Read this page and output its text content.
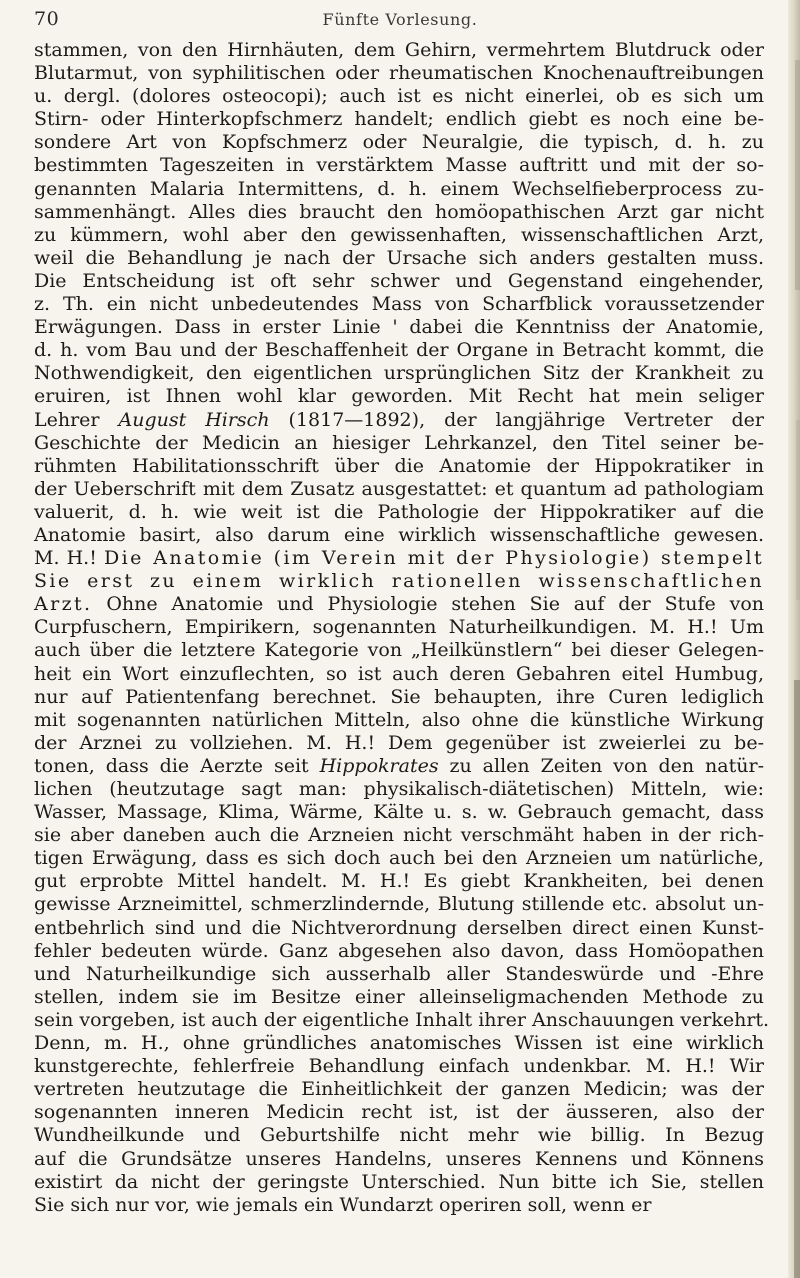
70	Fünfte Vorlesung.
stammen, von den Hirnhäuten, dem Gehirn, vermehrtem Blutdruck oder
Blutarmut, von syphilitischen oder rheumatischen Knochenauftreibungen
u. dergl. (dolores osteocopi); auch ist es nicht einerlei, ob es sich um
Stirn- oder Hinterkopfschmerz handelt; endlich giebt es noch eine be-
sondere Art von Kopfschmerz oder Neuralgie, die typisch, d. h. zu
bestimmten Tageszeiten in verstärktem Masse auftritt und mit der so-
genannten Malaria Intermittens, d. h. einem Wechselfieberprocess zu-
sammenhängt. Alles dies braucht den homöopathischen Arzt gar nicht
zu kümmern, wohl aber den gewissenhaften, wissenschaftlichen Arzt,
weil die Behandlung je nach der Ursache sich anders gestalten muss.
Die Entscheidung ist oft sehr schwer und Gegenstand eingehender,
z. Th. ein nicht unbedeutendes Mass von Scharfblick voraussetzender
Erwägungen. Dass in erster Linie ' dabei die Kenntniss der Anatomie,
d. h. vom Bau und der Beschaffenheit der Organe in Betracht kommt, die
Nothwendigkeit, den eigentlichen ursprünglichen Sitz der Krankheit zu
eruiren, ist Ihnen wohl klar geworden. Mit Recht hat mein seliger
Lehrer August Hirsch (1817—1892), der langjährige Vertreter der
Geschichte der Medicin an hiesiger Lehrkanzel, den Titel seiner be-
rühmten Habilitationsschrift über die Anatomie der Hippokratiker in
der Ueberschrift mit dem Zusatz ausgestattet: et quantum ad pathologiam
valuerit, d. h. wie weit ist die Pathologie der Hippokratiker auf die
Anatomie basirt, also darum eine wirklich wissenschaftliche gewesen.
M. H.! Die Anatomie (im Verein mit der Physiologie) stempelt
Sie erst zu einem wirklich rationellen wissenschaftlichen
Arzt. Ohne Anatomie und Physiologie stehen Sie auf der Stufe von
Curpfuschern, Empirikern, sogenannten Naturheilkundigen. M. H.! Um
auch über die letztere Kategorie von „Heilkünstlern“ bei dieser Gelegen-
heit ein Wort einzuflechten, so ist auch deren Gebahren eitel Humbug,
nur auf Patientenfang berechnet. Sie behaupten, ihre Curen lediglich
mit sogenannten natürlichen Mitteln, also ohne die künstliche Wirkung
der Arznei zu vollziehen. M. H.! Dem gegenüber ist zweierlei zu be-
tonen, dass die Aerzte seit Hippokrates zu allen Zeiten von den natür-
lichen (heutzutage sagt man: physikalisch-diätetischen) Mitteln, wie:
Wasser, Massage, Klima, Wärme, Kälte u. s. w. Gebrauch gemacht, dass
sie aber daneben auch die Arzneien nicht verschmäht haben in der rich-
tigen Erwägung, dass es sich doch auch bei den Arzneien um natürliche,
gut erprobte Mittel handelt. M. H.! Es giebt Krankheiten, bei denen
gewisse Arzneimittel, schmerzlindernde, Blutung stillende etc. absolut un-
entbehrlich sind und die Nichtverordnung derselben direct einen Kunst-
fehler bedeuten würde. Ganz abgesehen also davon, dass Homöopathen
und Naturheilkundige sich ausserhalb aller Standeswürde und -Ehre
stellen, indem sie im Besitze einer alleinseligmachenden Methode zu
sein vorgeben, ist auch der eigentliche Inhalt ihrer Anschauungen verkehrt.
Denn, m. H., ohne gründliches anatomisches Wissen ist eine wirklich
kunstgerechte, fehlerfreie Behandlung einfach undenkbar. M. H.! Wir
vertreten heutzutage die Einheitlichkeit der ganzen Medicin; was der
sogenannten inneren Medicin recht ist, ist der äusseren, also der
Wundheilkunde und Geburtshilfe nicht mehr wie billig. In Bezug
auf die Grundsätze unseres Handelns, unseres Kennens und Könnens
existirt da nicht der geringste Unterschied. Nun bitte ich Sie, stellen
Sie sich nur vor, wie jemals ein Wundarzt operiren soll, wenn er
